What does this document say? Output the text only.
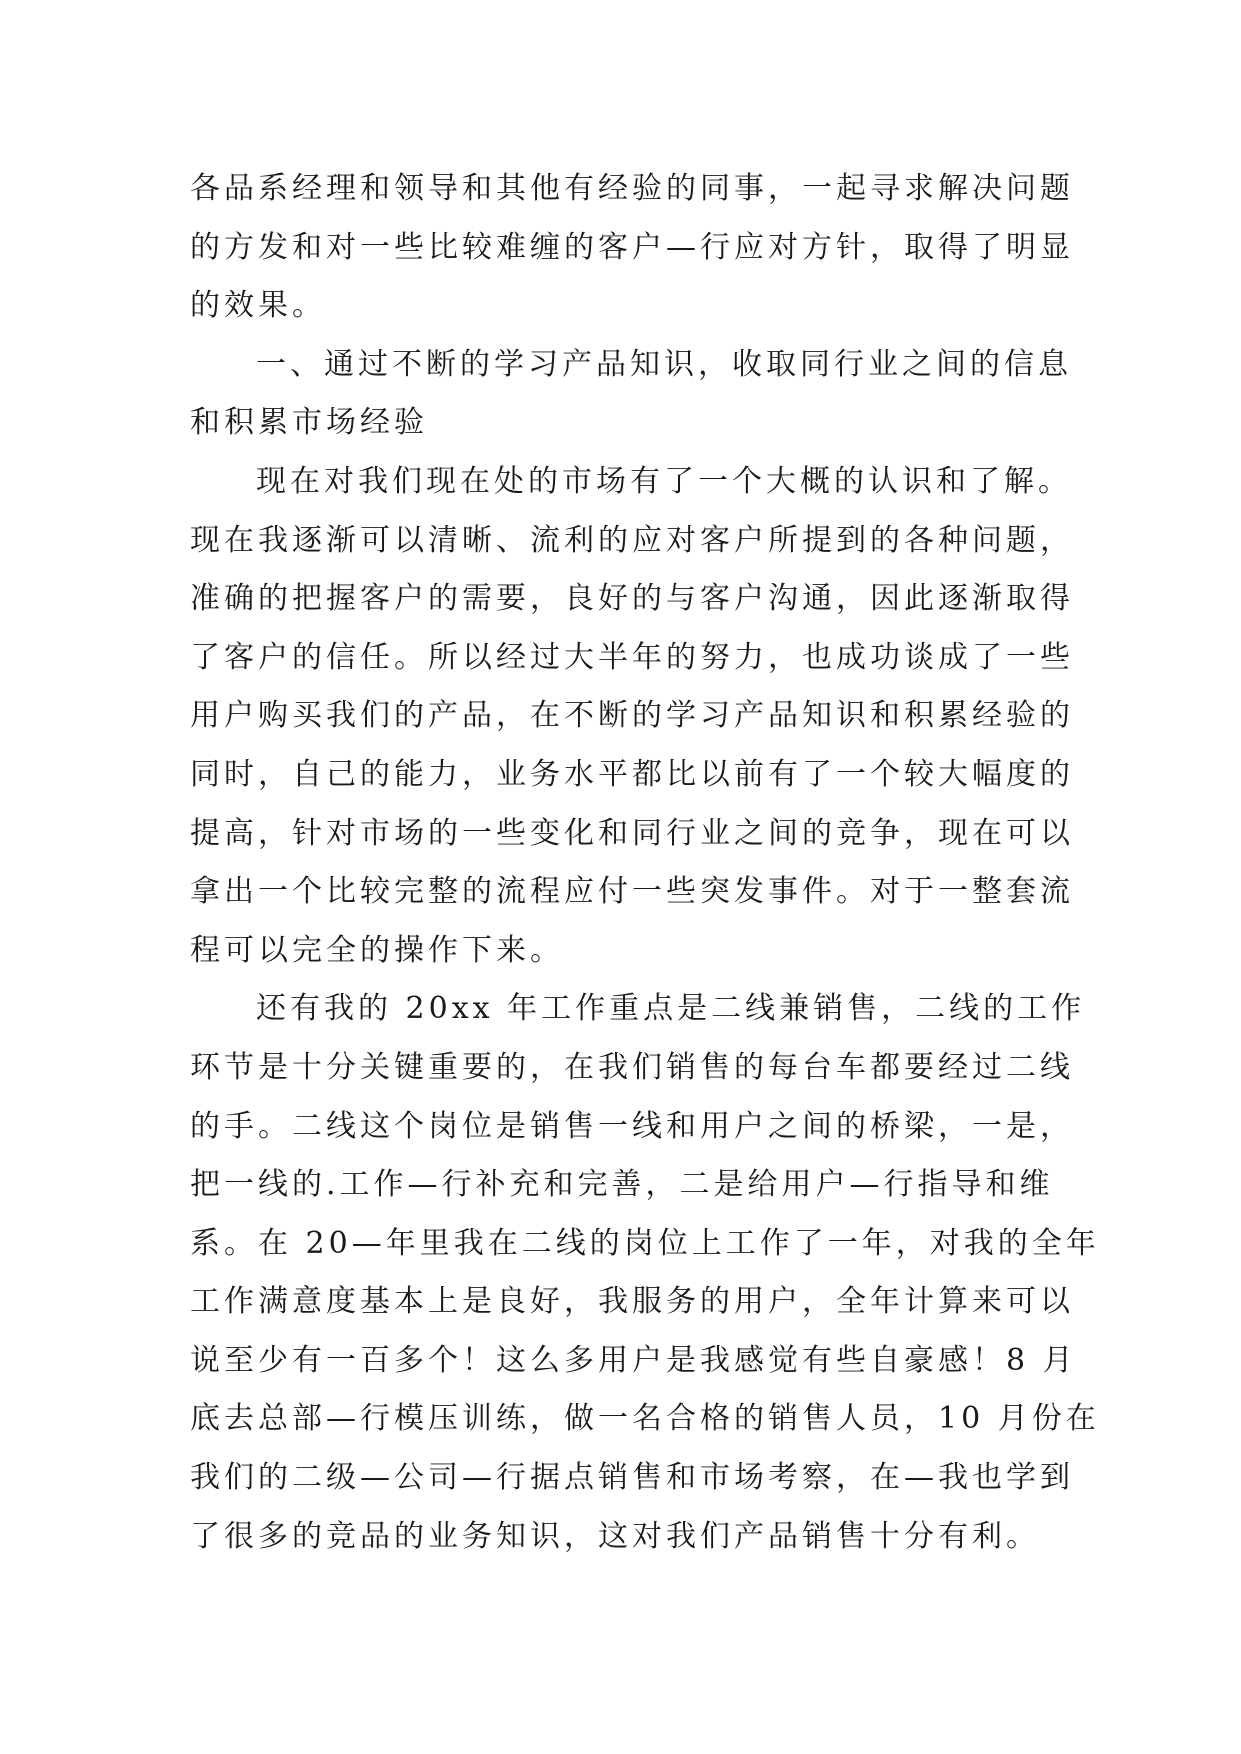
各品系经理和领导和其他有经验的同事，一起寻求解决问题
的方发和对一些比较难缠的客户—行应对方针，取得了明显
的效果。
一、通过不断的学习产品知识，收取同行业之间的信息
和积累市场经验
现在对我们现在处的市场有了一个大概的认识和了解。
现在我逐渐可以清晰、流利的应对客户所提到的各种问题，
准确的把握客户的需要，良好的与客户沟通，因此逐渐取得
了客户的信任。所以经过大半年的努力，也成功谈成了一些
用户购买我们的产品，在不断的学习产品知识和积累经验的
同时，自己的能力，业务水平都比以前有了一个较大幅度的
提高，针对市场的一些变化和同行业之间的竞争，现在可以
拿出一个比较完整的流程应付一些突发事件。对于一整套流
程可以完全的操作下来。
还有我的 20xx 年工作重点是二线兼销售，二线的工作
环节是十分关键重要的，在我们销售的每台车都要经过二线
的手。二线这个岗位是销售一线和用户之间的桥梁，一是，
把一线的.工作—行补充和完善，二是给用户—行指导和维
系。在 20—年里我在二线的岗位上工作了一年，对我的全年
工作满意度基本上是良好，我服务的用户，全年计算来可以
说至少有一百多个！这么多用户是我感觉有些自豪感！8 月
底去总部—行模压训练，做一名合格的销售人员，10 月份在
我们的二级—公司—行据点销售和市场考察，在—我也学到
了很多的竞品的业务知识，这对我们产品销售十分有利。
